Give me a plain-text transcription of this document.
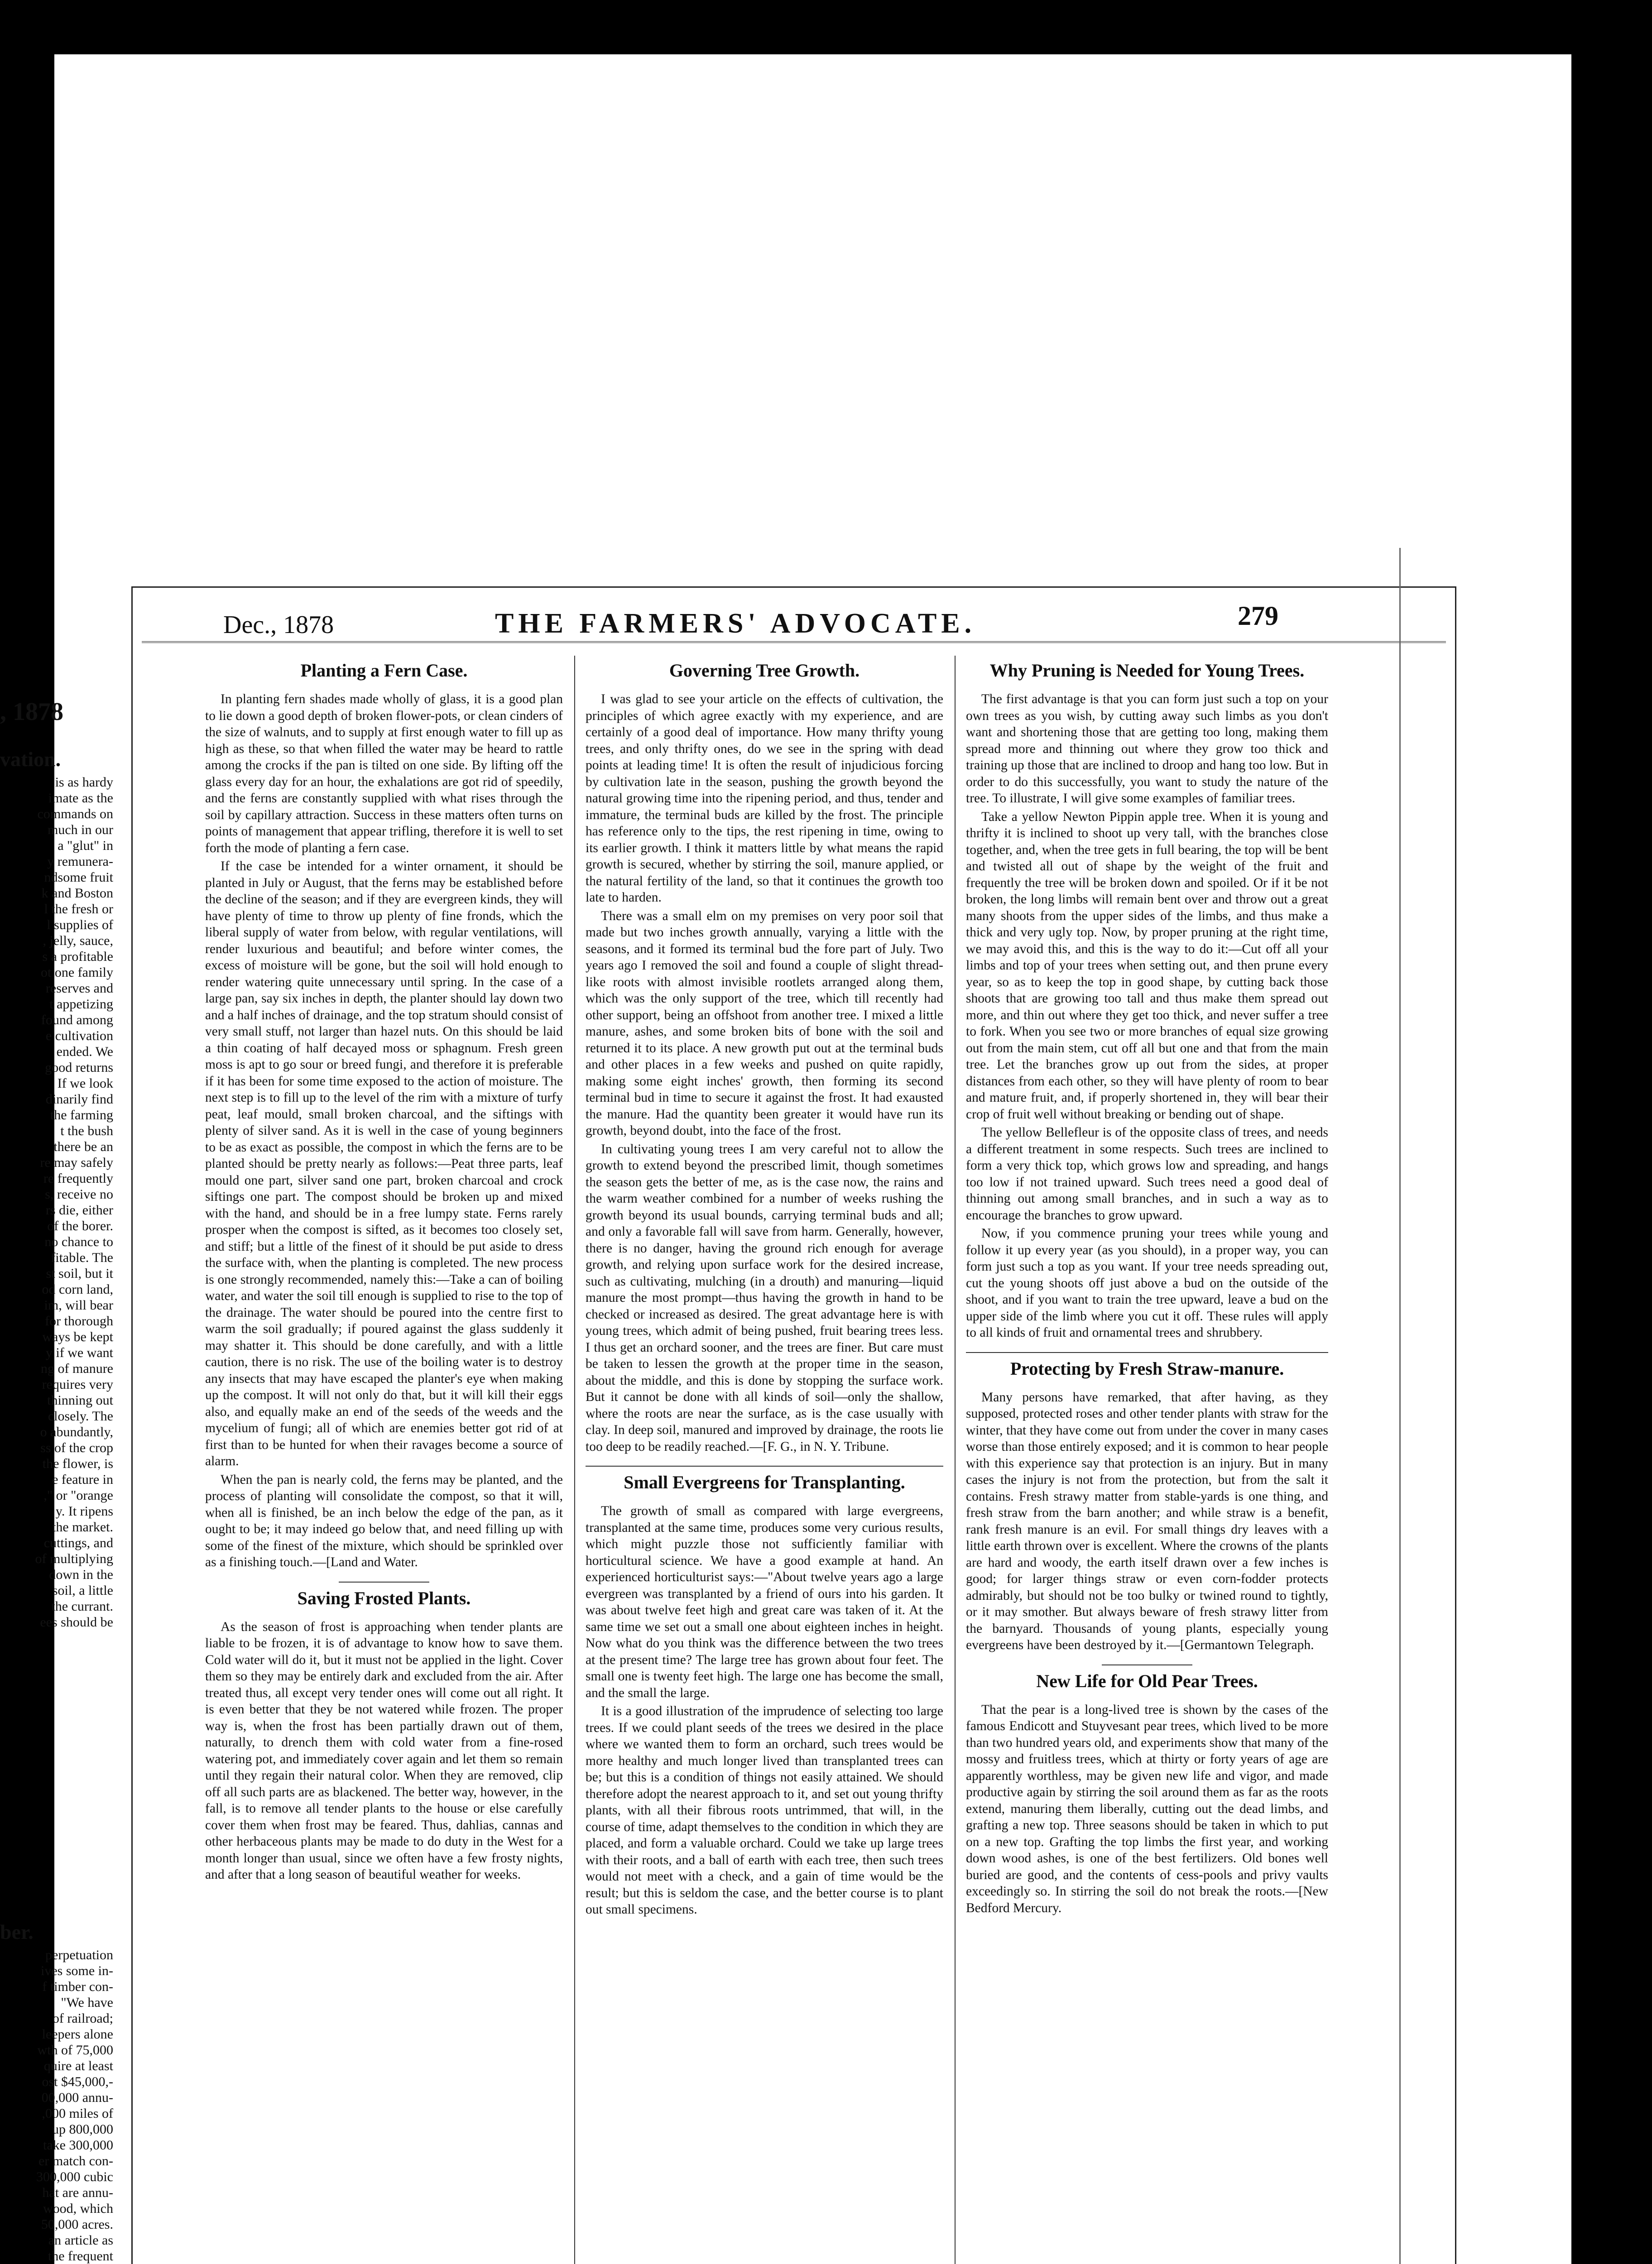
, 1878
vation.
is as hardy
imate as the
commands on
much in our
a "glut" in
y remunera-
ndsome fruit
k and Boston
l the fresh or
l supplies of
, jelly, sauce,
s a profitable
ot one family
reserves and
t appetizing
found among
e cultivation
ended. We
good returns
If we look
dinarily find
the farming
t the bush
there be an
re may safely
re frequently
s, receive no
rs die, either
of the borer.
no chance to
fitable. The
st soil, but it
od corn land,
im, will bear
for thorough
ways be kept
y if we want
ng of manure
requires very
thinning out
closely. The
o abundantly,
ss of the crop
the flower, is
e feature in
," or "orange
y. It ripens
the market.
cuttings, and
of multiplying
down in the
soil, a little
the currant.
ees should be
ber.
perpetuation
ives some in-
f timber con-
"We have
of railroad;
leepers alone
wth of 75,000
quire at least
ost $45,000,-
00,000 annu-
,000 miles of
up 800,000
take 300,000
er match con-
300,000 cubic
hat are annu-
wood, which
50,000 acres.
an article as
the frequent

Dec., 1878	THE FARMERS' ADVOCATE.	279
Planting a Fern Case.

In planting fern shades made wholly of glass, it is a good plan to lie down a good depth of broken flower-pots, or clean cinders of the size of walnuts, and to supply at first enough water to fill up as high as these, so that when filled the water may be heard to rattle among the crocks if the pan is tilted on one side. By lifting off the glass every day for an hour, the exhalations are got rid of speedily, and the ferns are constantly supplied with what rises through the soil by capillary attraction. Success in these matters often turns on points of management that appear trifling, therefore it is well to set forth the mode of planting a fern case.

If the case be intended for a winter ornament, it should be planted in July or August, that the ferns may be established before the decline of the season; and if they are evergreen kinds, they will have plenty of time to throw up plenty of fine fronds, which the liberal supply of water from below, with regular ventilations, will render luxurious and beautiful; and before winter comes, the excess of moisture will be gone, but the soil will hold enough to render watering quite unnecessary until spring. In the case of a large pan, say six inches in depth, the planter should lay down two and a half inches of drainage, and the top stratum should consist of very small stuff, not larger than hazel nuts. On this should be laid a thin coating of half decayed moss or sphagnum. Fresh green moss is apt to go sour or breed fungi, and therefore it is preferable if it has been for some time exposed to the action of moisture. The next step is to fill up to the level of the rim with a mixture of turfy peat, leaf mould, small broken charcoal, and the siftings with plenty of silver sand. As it is well in the case of young beginners to be as exact as possible, the compost in which the ferns are to be planted should be pretty nearly as follows:—Peat three parts, leaf mould one part, silver sand one part, broken charcoal and crock siftings one part. The compost should be broken up and mixed with the hand, and should be in a free lumpy state. Ferns rarely prosper when the compost is sifted, as it becomes too closely set, and stiff; but a little of the finest of it should be put aside to dress the surface with, when the planting is completed. The new process is one strongly recommended, namely this:—Take a can of boiling water, and water the soil till enough is supplied to rise to the top of the drainage. The water should be poured into the centre first to warm the soil gradually; if poured against the glass suddenly it may shatter it. This should be done carefully, and with a little caution, there is no risk. The use of the boiling water is to destroy any insects that may have escaped the planter's eye when making up the compost. It will not only do that, but it will kill their eggs also, and equally make an end of the seeds of the weeds and the mycelium of fungi; all of which are enemies better got rid of at first than to be hunted for when their ravages become a source of alarm.

When the pan is nearly cold, the ferns may be planted, and the process of planting will consolidate the compost, so that it will, when all is finished, be an inch below the edge of the pan, as it ought to be; it may indeed go below that, and need filling up with some of the finest of the mixture, which should be sprinkled over as a finishing touch.—[Land and Water.

Saving Frosted Plants.

As the season of frost is approaching when tender plants are liable to be frozen, it is of advantage to know how to save them. Cold water will do it, but it must not be applied in the light. Cover them so they may be entirely dark and excluded from the air. After treated thus, all except very tender ones will come out all right. It is even better that they be not watered while frozen. The proper way is, when the frost has been partially drawn out of them, naturally, to drench them with cold water from a fine-rosed watering pot, and immediately cover again and let them so remain until they regain their natural color. When they are removed, clip off all such parts are as blackened. The better way, however, in the fall, is to remove all tender plants to the house or else carefully cover them when frost may be feared. Thus, dahlias, cannas and other herbaceous plants may be made to do duty in the West for a month longer than usual, since we often have a few frosty nights, and after that a long season of beautiful weather for weeks.

Governing Tree Growth.

I was glad to see your article on the effects of cultivation, the principles of which agree exactly with my experience, and are certainly of a good deal of importance. How many thrifty young trees, and only thrifty ones, do we see in the spring with dead points at leading time! It is often the result of injudicious forcing by cultivation late in the season, pushing the growth beyond the natural growing time into the ripening period, and thus, tender and immature, the terminal buds are killed by the frost. The principle has reference only to the tips, the rest ripening in time, owing to its earlier growth. I think it matters little by what means the rapid growth is secured, whether by stirring the soil, manure applied, or the natural fertility of the land, so that it continues the growth too late to harden.

There was a small elm on my premises on very poor soil that made but two inches growth annually, varying a little with the seasons, and it formed its terminal bud the fore part of July. Two years ago I removed the soil and found a couple of slight thread-like roots with almost invisible rootlets arranged along them, which was the only support of the tree, which till recently had other support, being an offshoot from another tree. I mixed a little manure, ashes, and some broken bits of bone with the soil and returned it to its place. A new growth put out at the terminal buds and other places in a few weeks and pushed on quite rapidly, making some eight inches' growth, then forming its second terminal bud in time to secure it against the frost. It had exausted the manure. Had the quantity been greater it would have run its growth, beyond doubt, into the face of the frost.

In cultivating young trees I am very careful not to allow the growth to extend beyond the prescribed limit, though sometimes the season gets the better of me, as is the case now, the rains and the warm weather combined for a number of weeks rushing the growth beyond its usual bounds, carrying terminal buds and all; and only a favorable fall will save from harm. Generally, however, there is no danger, having the ground rich enough for average growth, and relying upon surface work for the desired increase, such as cultivating, mulching (in a drouth) and manuring—liquid manure the most prompt—thus having the growth in hand to be checked or increased as desired. The great advantage here is with young trees, which admit of being pushed, fruit bearing trees less. I thus get an orchard sooner, and the trees are finer. But care must be taken to lessen the growth at the proper time in the season, about the middle, and this is done by stopping the surface work. But it cannot be done with all kinds of soil—only the shallow, where the roots are near the surface, as is the case usually with clay. In deep soil, manured and improved by drainage, the roots lie too deep to be readily reached.—[F. G., in N. Y. Tribune.

Small Evergreens for Transplanting.

The growth of small as compared with large evergreens, transplanted at the same time, produces some very curious results, which might puzzle those not sufficiently familiar with horticultural science. We have a good example at hand. An experienced horticulturist says:—"About twelve years ago a large evergreen was transplanted by a friend of ours into his garden. It was about twelve feet high and great care was taken of it. At the same time we set out a small one about eighteen inches in height. Now what do you think was the difference between the two trees at the present time? The large tree has grown about four feet. The small one is twenty feet high. The large one has become the small, and the small the large.

It is a good illustration of the imprudence of selecting too large trees. If we could plant seeds of the trees we desired in the place where we wanted them to form an orchard, such trees would be more healthy and much longer lived than transplanted trees can be; but this is a condition of things not easily attained. We should therefore adopt the nearest approach to it, and set out young thrifty plants, with all their fibrous roots untrimmed, that will, in the course of time, adapt themselves to the condition in which they are placed, and form a valuable orchard. Could we take up large trees with their roots, and a ball of earth with each tree, then such trees would not meet with a check, and a gain of time would be the result; but this is seldom the case, and the better course is to plant out small specimens.

Why Pruning is Needed for Young Trees.

The first advantage is that you can form just such a top on your own trees as you wish, by cutting away such limbs as you don't want and shortening those that are getting too long, making them spread more and thinning out where they grow too thick and training up those that are inclined to droop and hang too low. But in order to do this successfully, you want to study the nature of the tree. To illustrate, I will give some examples of familiar trees.

Take a yellow Newton Pippin apple tree. When it is young and thrifty it is inclined to shoot up very tall, with the branches close together, and, when the tree gets in full bearing, the top will be bent and twisted all out of shape by the weight of the fruit and frequently the tree will be broken down and spoiled. Or if it be not broken, the long limbs will remain bent over and throw out a great many shoots from the upper sides of the limbs, and thus make a thick and very ugly top. Now, by proper pruning at the right time, we may avoid this, and this is the way to do it:—Cut off all your limbs and top of your trees when setting out, and then prune every year, so as to keep the top in good shape, by cutting back those shoots that are growing too tall and thus make them spread out more, and thin out where they get too thick, and never suffer a tree to fork. When you see two or more branches of equal size growing out from the main stem, cut off all but one and that from the main tree. Let the branches grow up out from the sides, at proper distances from each other, so they will have plenty of room to bear and mature fruit, and, if properly shortened in, they will bear their crop of fruit well without breaking or bending out of shape.

The yellow Bellefleur is of the opposite class of trees, and needs a different treatment in some respects. Such trees are inclined to form a very thick top, which grows low and spreading, and hangs too low if not trained upward. Such trees need a good deal of thinning out among small branches, and in such a way as to encourage the branches to grow upward.

Now, if you commence pruning your trees while young and follow it up every year (as you should), in a proper way, you can form just such a top as you want. If your tree needs spreading out, cut the young shoots off just above a bud on the outside of the shoot, and if you want to train the tree upward, leave a bud on the upper side of the limb where you cut it off. These rules will apply to all kinds of fruit and ornamental trees and shrubbery.

Protecting by Fresh Straw-manure.

Many persons have remarked, that after having, as they supposed, protected roses and other tender plants with straw for the winter, that they have come out from under the cover in many cases worse than those entirely exposed; and it is common to hear people with this experience say that protection is an injury. But in many cases the injury is not from the protection, but from the salt it contains. Fresh strawy matter from stable-yards is one thing, and fresh straw from the barn another; and while straw is a benefit, rank fresh manure is an evil. For small things dry leaves with a little earth thrown over is excellent. Where the crowns of the plants are hard and woody, the earth itself drawn over a few inches is good; for larger things straw or even corn-fodder protects admirably, but should not be too bulky or twined round to tightly, or it may smother. But always beware of fresh strawy litter from the barnyard. Thousands of young plants, especially young evergreens have been destroyed by it.—[Germantown Telegraph.

New Life for Old Pear Trees.

That the pear is a long-lived tree is shown by the cases of the famous Endicott and Stuyvesant pear trees, which lived to be more than two hundred years old, and experiments show that many of the mossy and fruitless trees, which at thirty or forty years of age are apparently worthless, may be given new life and vigor, and made productive again by stirring the soil around them as far as the roots extend, manuring them liberally, cutting out the dead limbs, and grafting a new top. Three seasons should be taken in which to put on a new top. Grafting the top limbs the first year, and working down wood ashes, is one of the best fertilizers. Old bones well buried are good, and the contents of cess-pools and privy vaults exceedingly so. In stirring the soil do not break the roots.—[New Bedford Mercury.
